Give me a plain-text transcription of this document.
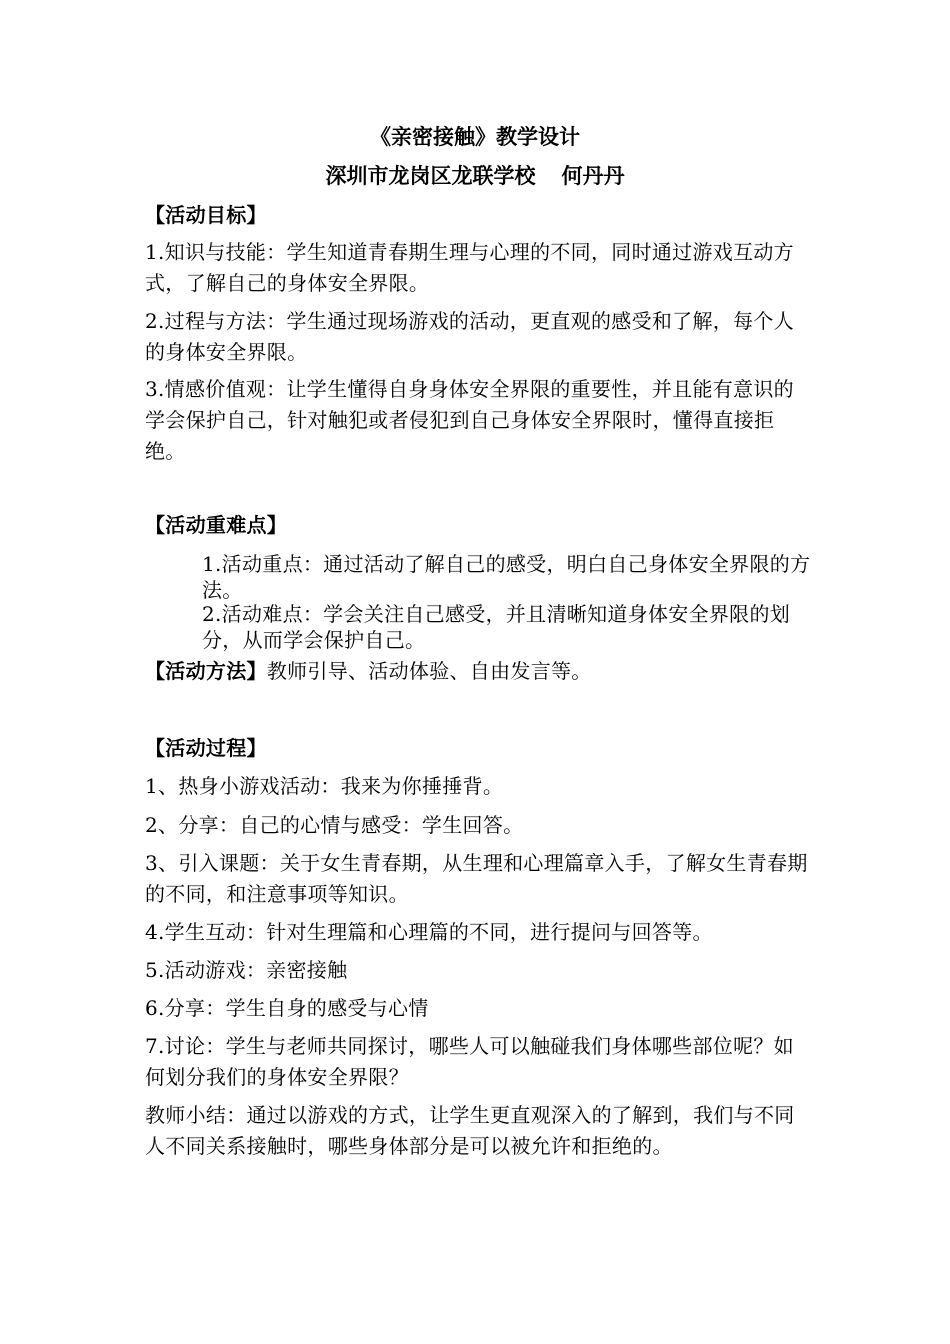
《亲密接触》教学设计
深圳市龙岗区龙联学校 何丹丹
【活动目标】
1.知识与技能：学生知道青春期生理与心理的不同，同时通过游戏互动方式，了解自己的身体安全界限。
2.过程与方法：学生通过现场游戏的活动，更直观的感受和了解，每个人的身体安全界限。
3.情感价值观：让学生懂得自身身体安全界限的重要性，并且能有意识的学会保护自己，针对触犯或者侵犯到自己身体安全界限时，懂得直接拒绝。
【活动重难点】
1.活动重点：通过活动了解自己的感受，明白自己身体安全界限的方法。
2.活动难点：学会关注自己感受，并且清晰知道身体安全界限的划分，从而学会保护自己。
【活动方法】教师引导、活动体验、自由发言等。
【活动过程】
1、热身小游戏活动：我来为你捶捶背。
2、分享：自己的心情与感受：学生回答。
3、引入课题：关于女生青春期，从生理和心理篇章入手，了解女生青春期的不同，和注意事项等知识。
4.学生互动：针对生理篇和心理篇的不同，进行提问与回答等。
5.活动游戏：亲密接触
6.分享：学生自身的感受与心情
7.讨论：学生与老师共同探讨，哪些人可以触碰我们身体哪些部位呢？如何划分我们的身体安全界限？
教师小结：通过以游戏的方式，让学生更直观深入的了解到，我们与不同人不同关系接触时，哪些身体部分是可以被允许和拒绝的。
